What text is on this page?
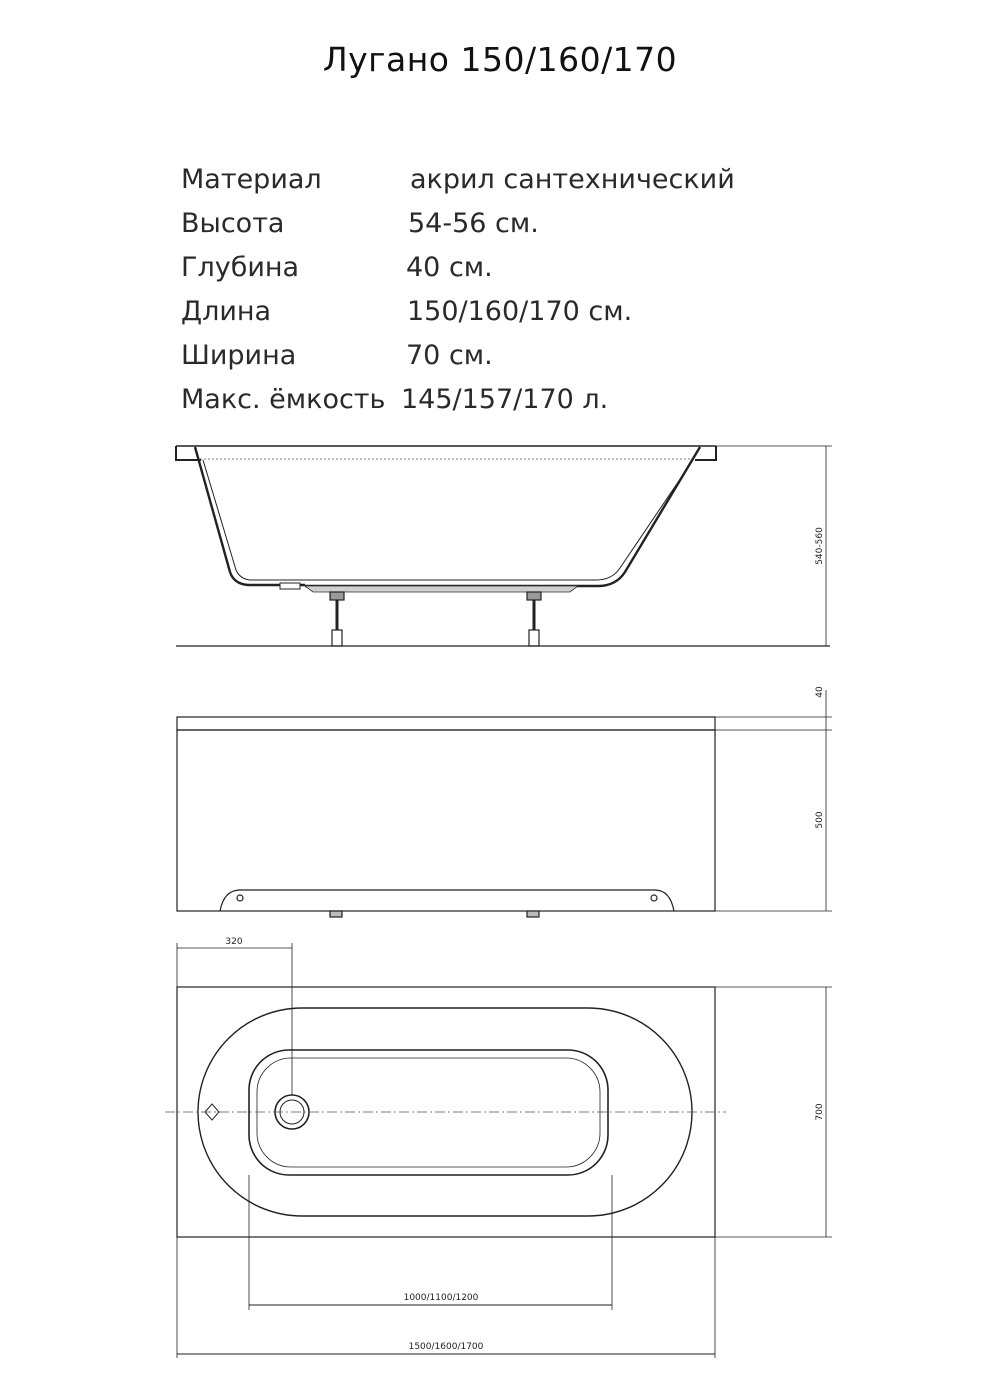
Лугано 150/160/170
Материал	акрил сантехнический
Высота	54-56 см.
Глубина	40 см.
Длина	150/160/170 см.
Ширина	70 см.
Макс. ёмкость 145/157/170 л.
540-560
40
500
320
700
1000/1100/1200
1500/1600/1700
